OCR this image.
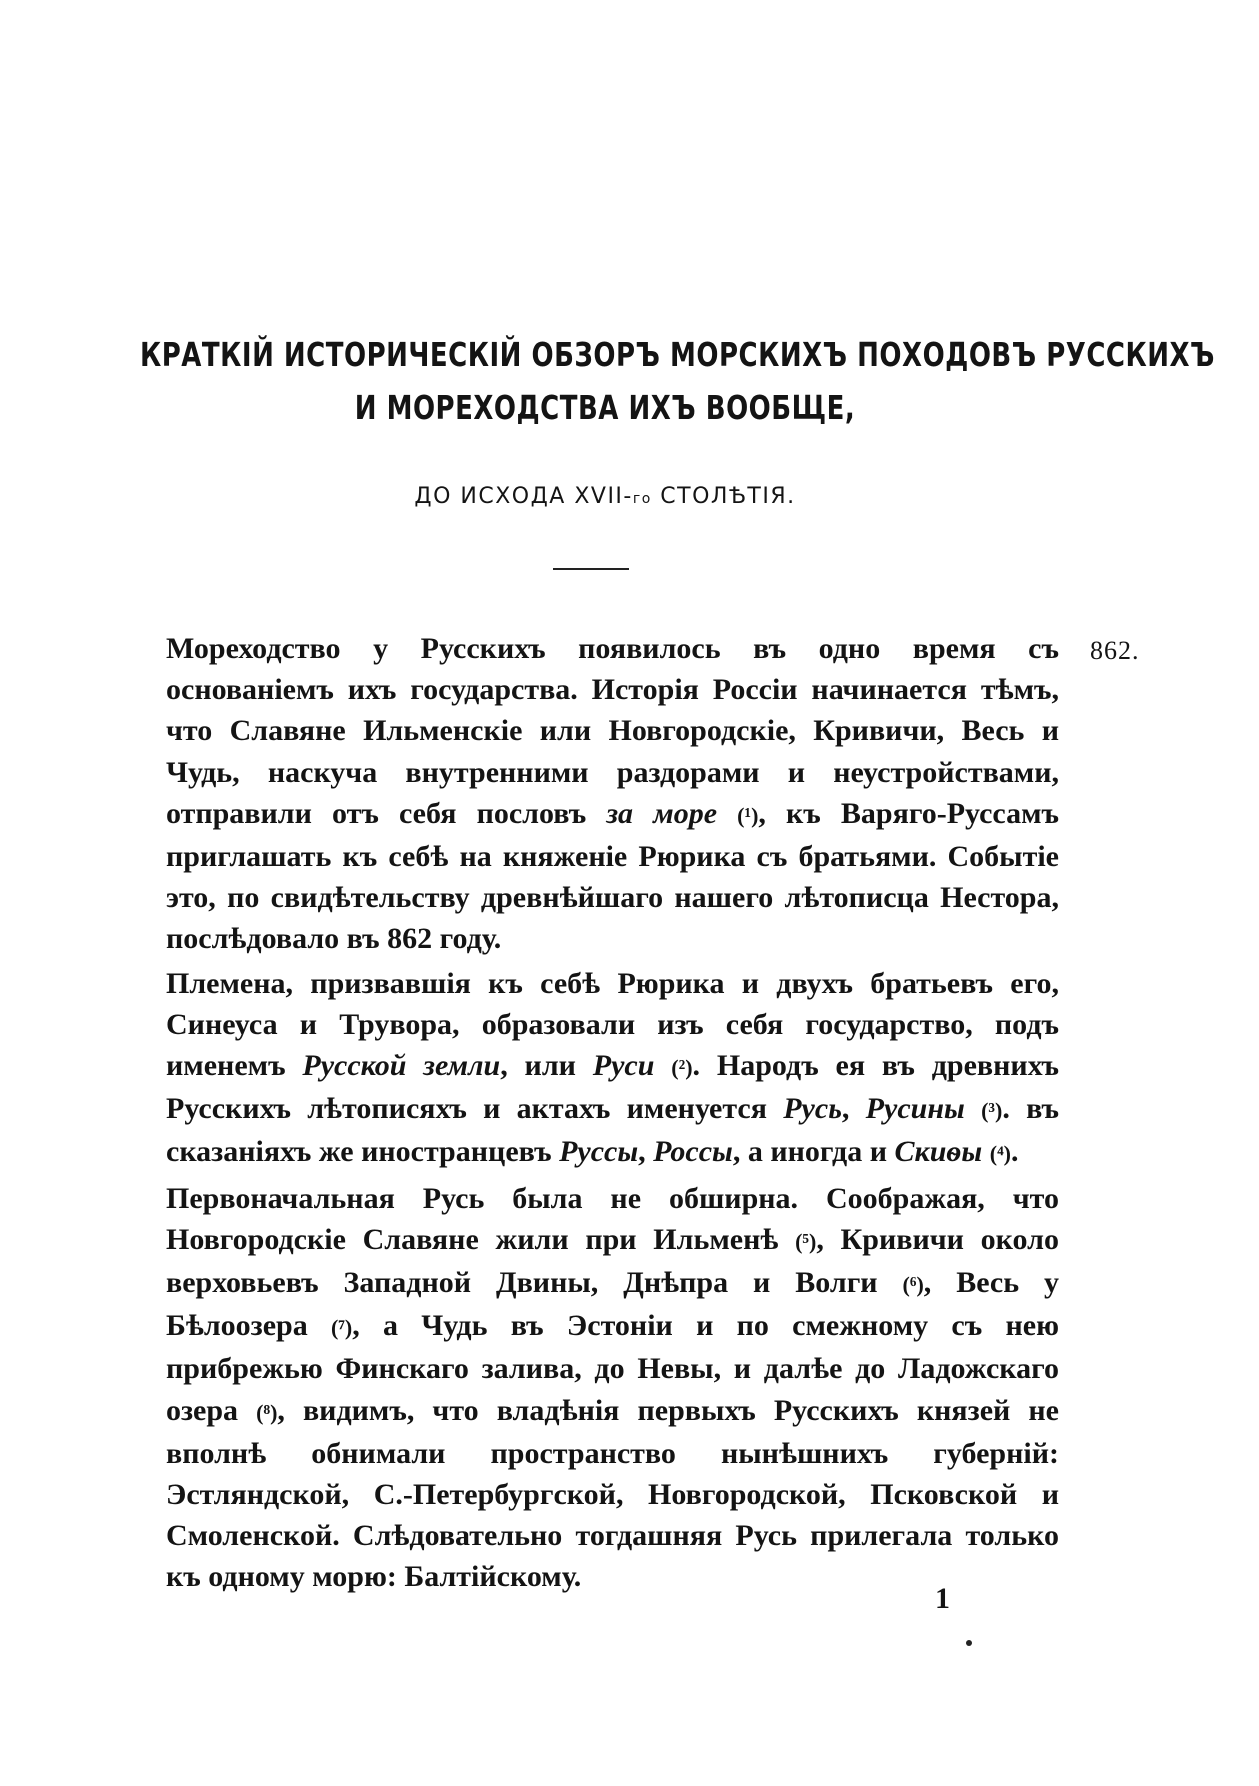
КРАТКІЙ ИСТОРИЧЕСКІЙ ОБЗОРЪ МОРСКИХЪ ПОХОДОВЪ РУССКИХЪ
И МОРЕХОДСТВА ИХЪ ВООБЩЕ,
ДО ИСХОДА XVII-го СТОЛѢТІЯ.
862.

Мореходство у Русскихъ появилось въ одно время съ основаніемъ ихъ государства. Исторія Россіи начинается тѣмъ, что Славяне Ильменскіе или Новгородскіе, Кривичи, Весь и Чудь, наскуча внутренними раздорами и неустройствами, отправили отъ себя пословъ за море (¹), къ Варяго-Руссамъ приглашать къ себѣ на княженіе Рюрика съ братьями. Событіе это, по свидѣтельству древнѣйшаго нашего лѣтописца Нестора, послѣдовало въ 862 году.

Племена, призвавшія къ себѣ Рюрика и двухъ братьевъ его, Синеуса и Трувора, образовали изъ себя государство, подъ именемъ Русской земли, или Руси (²). Народъ ея въ древнихъ Русскихъ лѣтописяхъ и актахъ именуется Русь, Русины (³). въ сказаніяхъ же иностранцевъ Руссы, Россы, а иногда и Скиѳы (⁴).

Первоначальная Русь была не обширна. Соображая, что Новгородскіе Славяне жили при Ильменѣ (⁵), Кривичи около верховьевъ Западной Двины, Днѣпра и Волги (⁶), Весь у Бѣлоозера (⁷), а Чудь въ Эстоніи и по смежному съ нею прибрежью Финскаго залива, до Невы, и далѣе до Ладожскаго озера (⁸), видимъ, что владѣнія первыхъ Русскихъ князей не вполнѣ обнимали пространство нынѣшнихъ губерній: Эстляндской, С.-Петербургской, Новгородской, Псковской и Смоленской. Слѣдовательно тогдашняя Русь прилегала только къ одному морю: Балтійскому.

1
